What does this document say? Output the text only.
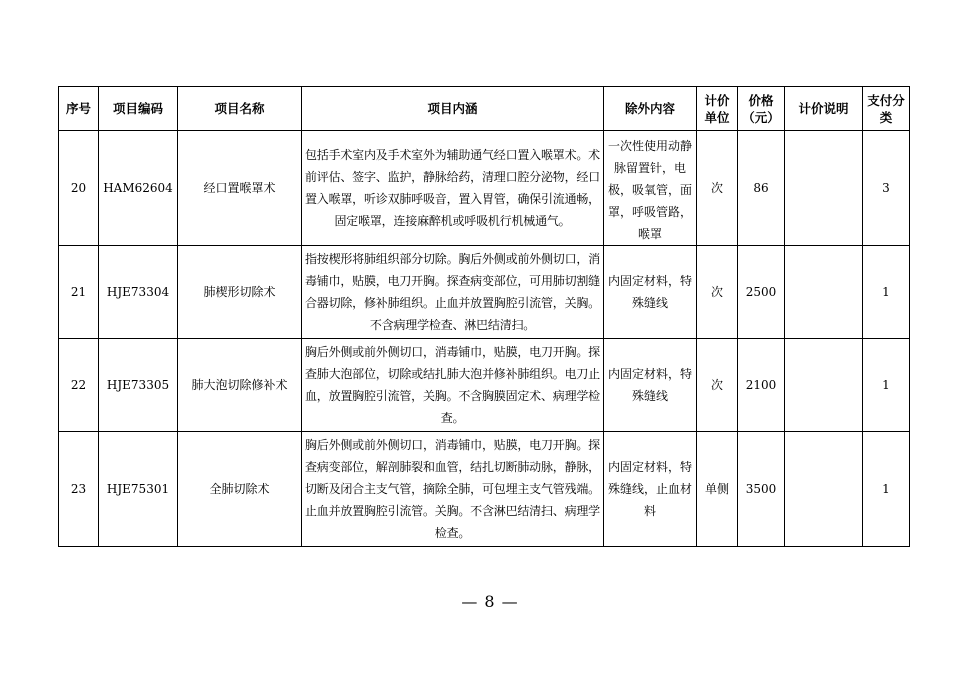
序号	项目编码	项目名称	项目内涵	除外内容	计价单位	价格（元）	计价说明	支付分类
20	HAM62604	经口置喉罩术	包括手术室内及手术室外为辅助通气经口置入喉罩术。术前评估、签字、监护，静脉给药，清理口腔分泌物，经口置入喉罩，听诊双肺呼吸音，置入胃管，确保引流通畅，固定喉罩，连接麻醉机或呼吸机行机械通气。	一次性使用动静脉留置针，电极，吸氧管，面罩，呼吸管路，喉罩	次	86		3
21	HJE73304	肺楔形切除术	指按楔形将肺组织部分切除。胸后外侧或前外侧切口，消毒铺巾，贴膜，电刀开胸。探查病变部位，可用肺切割缝合器切除，修补肺组织。止血并放置胸腔引流管，关胸。不含病理学检查、淋巴结清扫。	内固定材料，特殊缝线	次	2500		1
22	HJE73305	肺大泡切除修补术	胸后外侧或前外侧切口，消毒铺巾，贴膜，电刀开胸。探查肺大泡部位，切除或结扎肺大泡并修补肺组织。电刀止血，放置胸腔引流管，关胸。不含胸膜固定术、病理学检查。	内固定材料，特殊缝线	次	2100		1
23	HJE75301	全肺切除术	胸后外侧或前外侧切口，消毒铺巾，贴膜，电刀开胸。探查病变部位，解剖肺裂和血管，结扎切断肺动脉，静脉，切断及闭合主支气管，摘除全肺，可包埋主支气管残端。止血并放置胸腔引流管。关胸。不含淋巴结清扫、病理学检查。	内固定材料，特殊缝线，止血材料	单侧	3500		1
— 8 —
